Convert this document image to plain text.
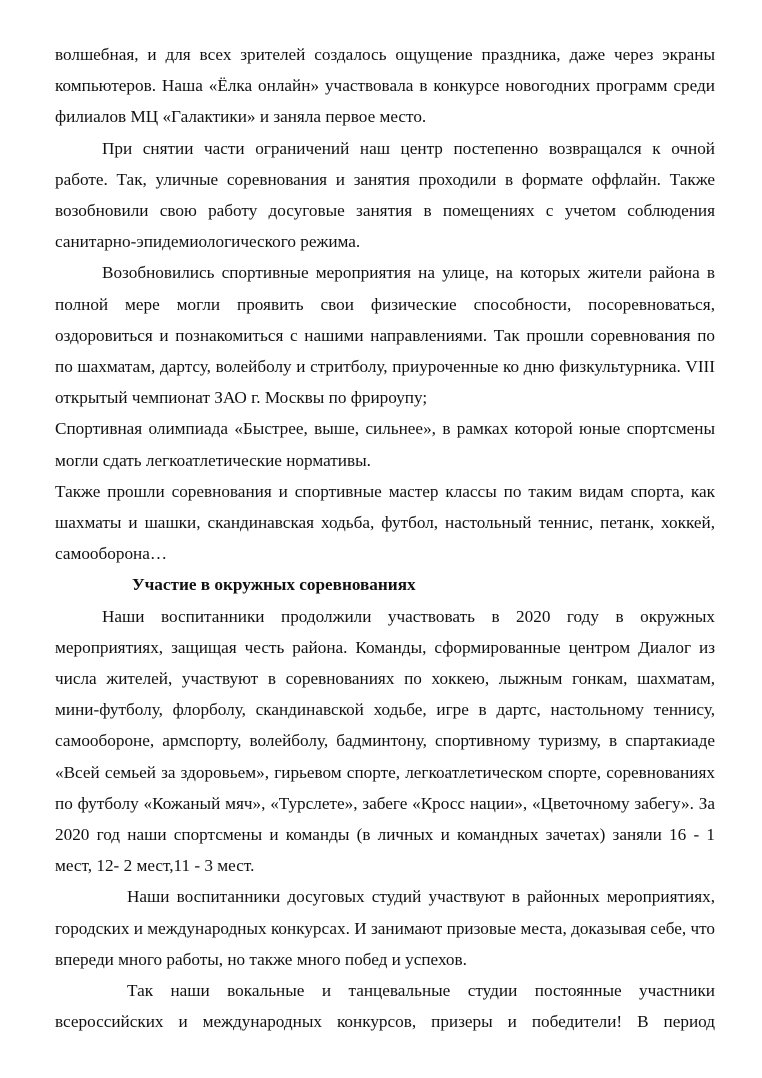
волшебная, и для всех зрителей создалось ощущение праздника, даже через экраны компьютеров. Наша «Ёлка онлайн» участвовала в конкурсе новогодних программ среди филиалов МЦ «Галактики» и заняла первое место.

При снятии части ограничений наш центр постепенно возвращался к очной работе. Так, уличные соревнования и занятия проходили в формате оффлайн. Также возобновили свою работу досуговые занятия в помещениях с учетом соблюдения санитарно-эпидемиологического режима.

Возобновились спортивные мероприятия на улице, на которых жители района в полной мере могли проявить свои физические способности, посоревноваться, оздоровиться и познакомиться с нашими направлениями. Так прошли соревнования по по шахматам, дартсу, волейболу и стритболу, приуроченные ко дню физкультурника. VIII открытый чемпионат ЗАО г. Москвы по фрироупу;

Спортивная олимпиада «Быстрее, выше, сильнее», в рамках которой юные спортсмены могли сдать легкоатлетические нормативы.

Также прошли соревнования и спортивные мастер классы по таким видам спорта, как шахматы и шашки, скандинавская ходьба, футбол, настольный теннис, петанк, хоккей, самооборона…

Участие в окружных соревнованиях

Наши воспитанники продолжили участвовать в 2020 году в окружных мероприятиях, защищая честь района. Команды, сформированные центром Диалог из числа жителей, участвуют в соревнованиях по хоккею, лыжным гонкам, шахматам, мини-футболу, флорболу, скандинавской ходьбе, игре в дартс, настольному теннису, самообороне, армспорту, волейболу, бадминтону, спортивному туризму, в спартакиаде «Всей семьей за здоровьем», гирьевом спорте, легкоатлетическом спорте, соревнованиях по футболу «Кожаный мяч», «Турслете», забеге «Кросс нации», «Цветочному забегу». За 2020 год наши спортсмены и команды (в личных и командных зачетах) заняли 16 - 1 мест, 12- 2 мест,11 - 3 мест.

Наши воспитанники досуговых студий участвуют в районных мероприятиях, городских и международных конкурсах. И занимают призовые места, доказывая себе, что впереди много работы, но также много побед и успехов.

Так наши вокальные и танцевальные студии постоянные участники всероссийских и международных конкурсов, призеры и победители! В период
